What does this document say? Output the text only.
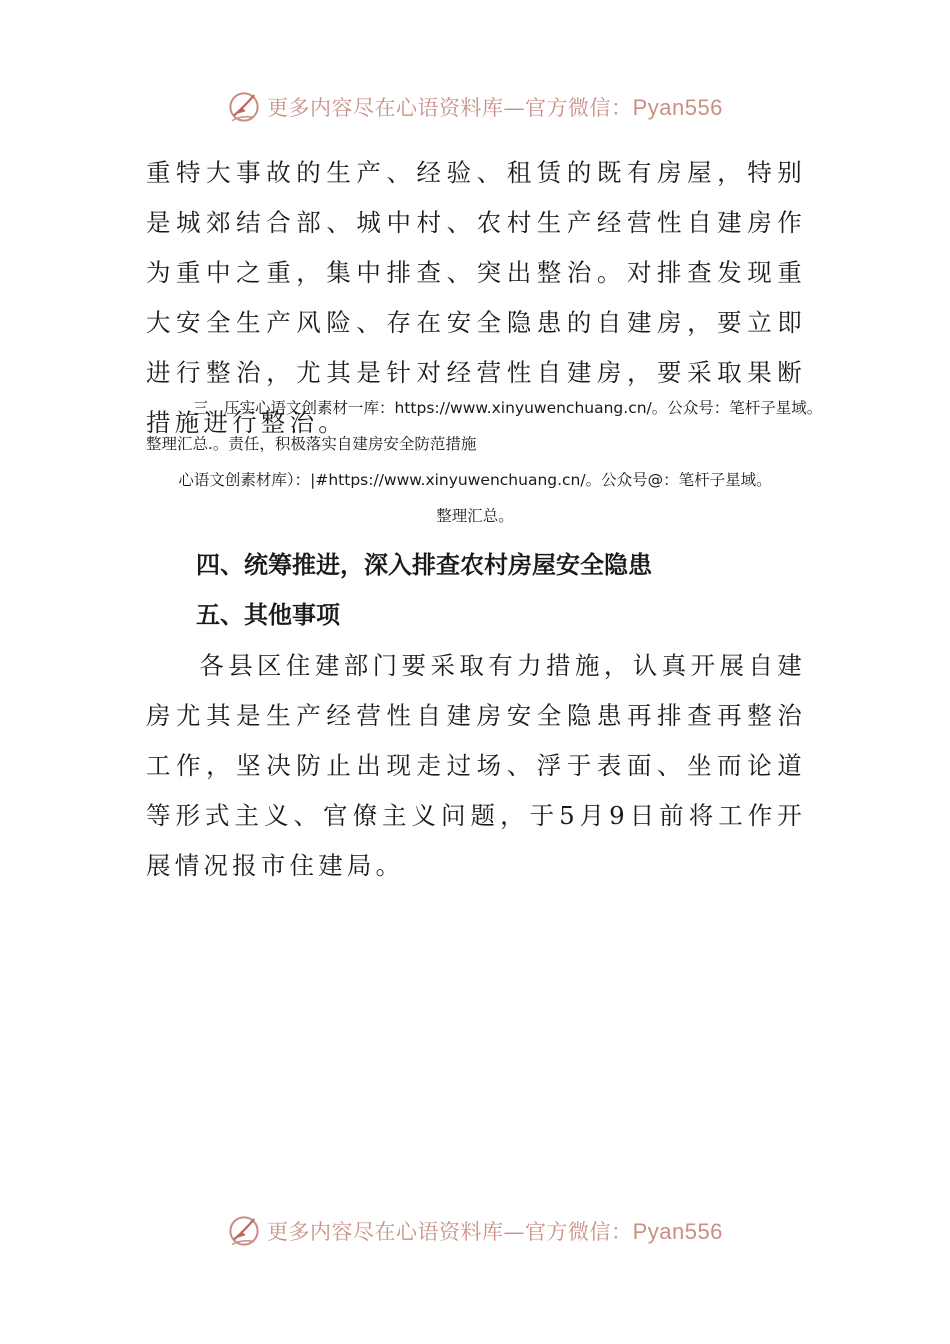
更多内容尽在心语资料库—官方微信：Pyan556

重特大事故的生产、经验、租赁的既有房屋，特别是城郊结合部、城中村、农村生产经营性自建房作为重中之重，集中排查、突出整治。对排查发现重大安全生产风险、存在安全隐患的自建房，要立即进行整治，尤其是针对经营性自建房，要采取果断措施进行整治。

三、压实心语文创素材一库：https://www.xinyuwenchuang.cn/。公众号：笔杆子星域。整理汇总.。责任，积极落实自建房安全防范措施

心语文创素材库）：|#https://www.xinyuwenchuang.cn/。公众号@：笔杆子星域。

整理汇总。

四、统筹推进，深入排查农村房屋安全隐患
五、其他事项

各县区住建部门要采取有力措施，认真开展自建房尤其是生产经营性自建房安全隐患再排查再整治工作，坚决防止出现走过场、浮于表面、坐而论道等形式主义、官僚主义问题，于5月9日前将工作开展情况报市住建局。

更多内容尽在心语资料库—官方微信：Pyan556
